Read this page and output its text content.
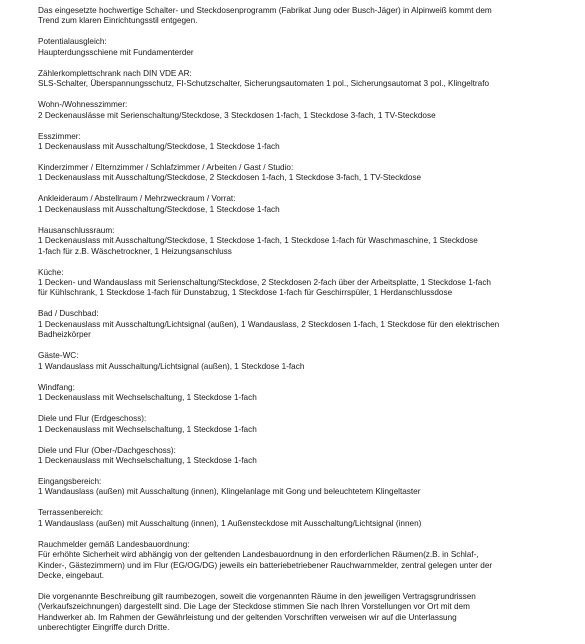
Das eingesetzte hochwertige Schalter- und Steckdosenprogramm (Fabrikat Jung oder Busch-Jäger) in Alpinweiß kommt dem
Trend zum klaren Einrichtungsstil entgegen.

Potentialausgleich:
Haupterdungsschiene mit Fundamenterder

Zählerkomplettschrank nach DIN VDE AR:
SLS-Schalter, Überspannungsschutz, FI-Schutzschalter, Sicherungsautomaten 1 pol., Sicherungsautomat 3 pol., Klingeltrafo

Wohn-/Wohnesszimmer:
2 Deckenauslässe mit Serienschaltung/Steckdose, 3 Steckdosen 1-fach, 1 Steckdose 3-fach, 1 TV-Steckdose

Esszimmer:
1 Deckenauslass mit Ausschaltung/Steckdose, 1 Steckdose 1-fach

Kinderzimmer / Elternzimmer / Schlafzimmer / Arbeiten / Gast / Studio:
1 Deckenauslass mit Ausschaltung/Steckdose, 2 Steckdosen 1-fach, 1 Steckdose 3-fach, 1 TV-Steckdose

Ankleideraum / Abstellraum / Mehrzweckraum / Vorrat:
1 Deckenauslass mit Ausschaltung/Steckdose, 1 Steckdose 1-fach

Hausanschlussraum:
1 Deckenauslass mit Ausschaltung/Steckdose, 1 Steckdose 1-fach, 1 Steckdose 1-fach für Waschmaschine, 1 Steckdose
1-fach für z.B. Wäschetrockner, 1 Heizungsanschluss

Küche:
1 Decken- und Wandauslass mit Serienschaltung/Steckdose, 2 Steckdosen 2-fach über der Arbeitsplatte, 1 Steckdose 1-fach
für Kühlschrank, 1 Steckdose 1-fach für Dunstabzug, 1 Steckdose 1-fach für Geschirrspüler, 1 Herdanschlussdose

Bad / Duschbad:
1 Deckenauslass mit Ausschaltung/Lichtsignal (außen), 1 Wandauslass, 2 Steckdosen 1-fach, 1 Steckdose für den elektrischen
Badheizkörper

Gäste-WC:
1 Wandauslass mit Ausschaltung/Lichtsignal (außen), 1 Steckdose 1-fach

Windfang:
1 Deckenauslass mit Wechselschaltung, 1 Steckdose 1-fach

Diele und Flur (Erdgeschoss):
1 Deckenauslass mit Wechselschaltung, 1 Steckdose 1-fach

Diele und Flur (Ober-/Dachgeschoss):
1 Deckenauslass mit Wechselschaltung, 1 Steckdose 1-fach

Eingangsbereich:
1 Wandauslass (außen) mit Ausschaltung (innen), Klingelanlage mit Gong und beleuchtetem Klingeltaster

Terrassenbereich:
1 Wandauslass (außen) mit Ausschaltung (innen), 1 Außensteckdose mit Ausschaltung/Lichtsignal (innen)

Rauchmelder gemäß Landesbauordnung:
Für erhöhte Sicherheit wird abhängig von der geltenden Landesbauordnung in den erforderlichen Räumen(z.B. in Schlaf-,
Kinder-, Gästezimmern) und im Flur (EG/OG/DG) jeweils ein batteriebetriebener Rauchwarnmelder, zentral gelegen unter der
Decke, eingebaut.

Die vorgenannte Beschreibung gilt raumbezogen, soweit die vorgenannten Räume in den jeweiligen Vertragsgrundrissen
(Verkaufszeichnungen) dargestellt sind. Die Lage der Steckdose stimmen Sie nach Ihren Vorstellungen vor Ort mit dem
Handwerker ab. Im Rahmen der Gewährleistung und der geltenden Vorschriften verweisen wir auf die Unterlassung
unberechtigter Eingriffe durch Dritte.
